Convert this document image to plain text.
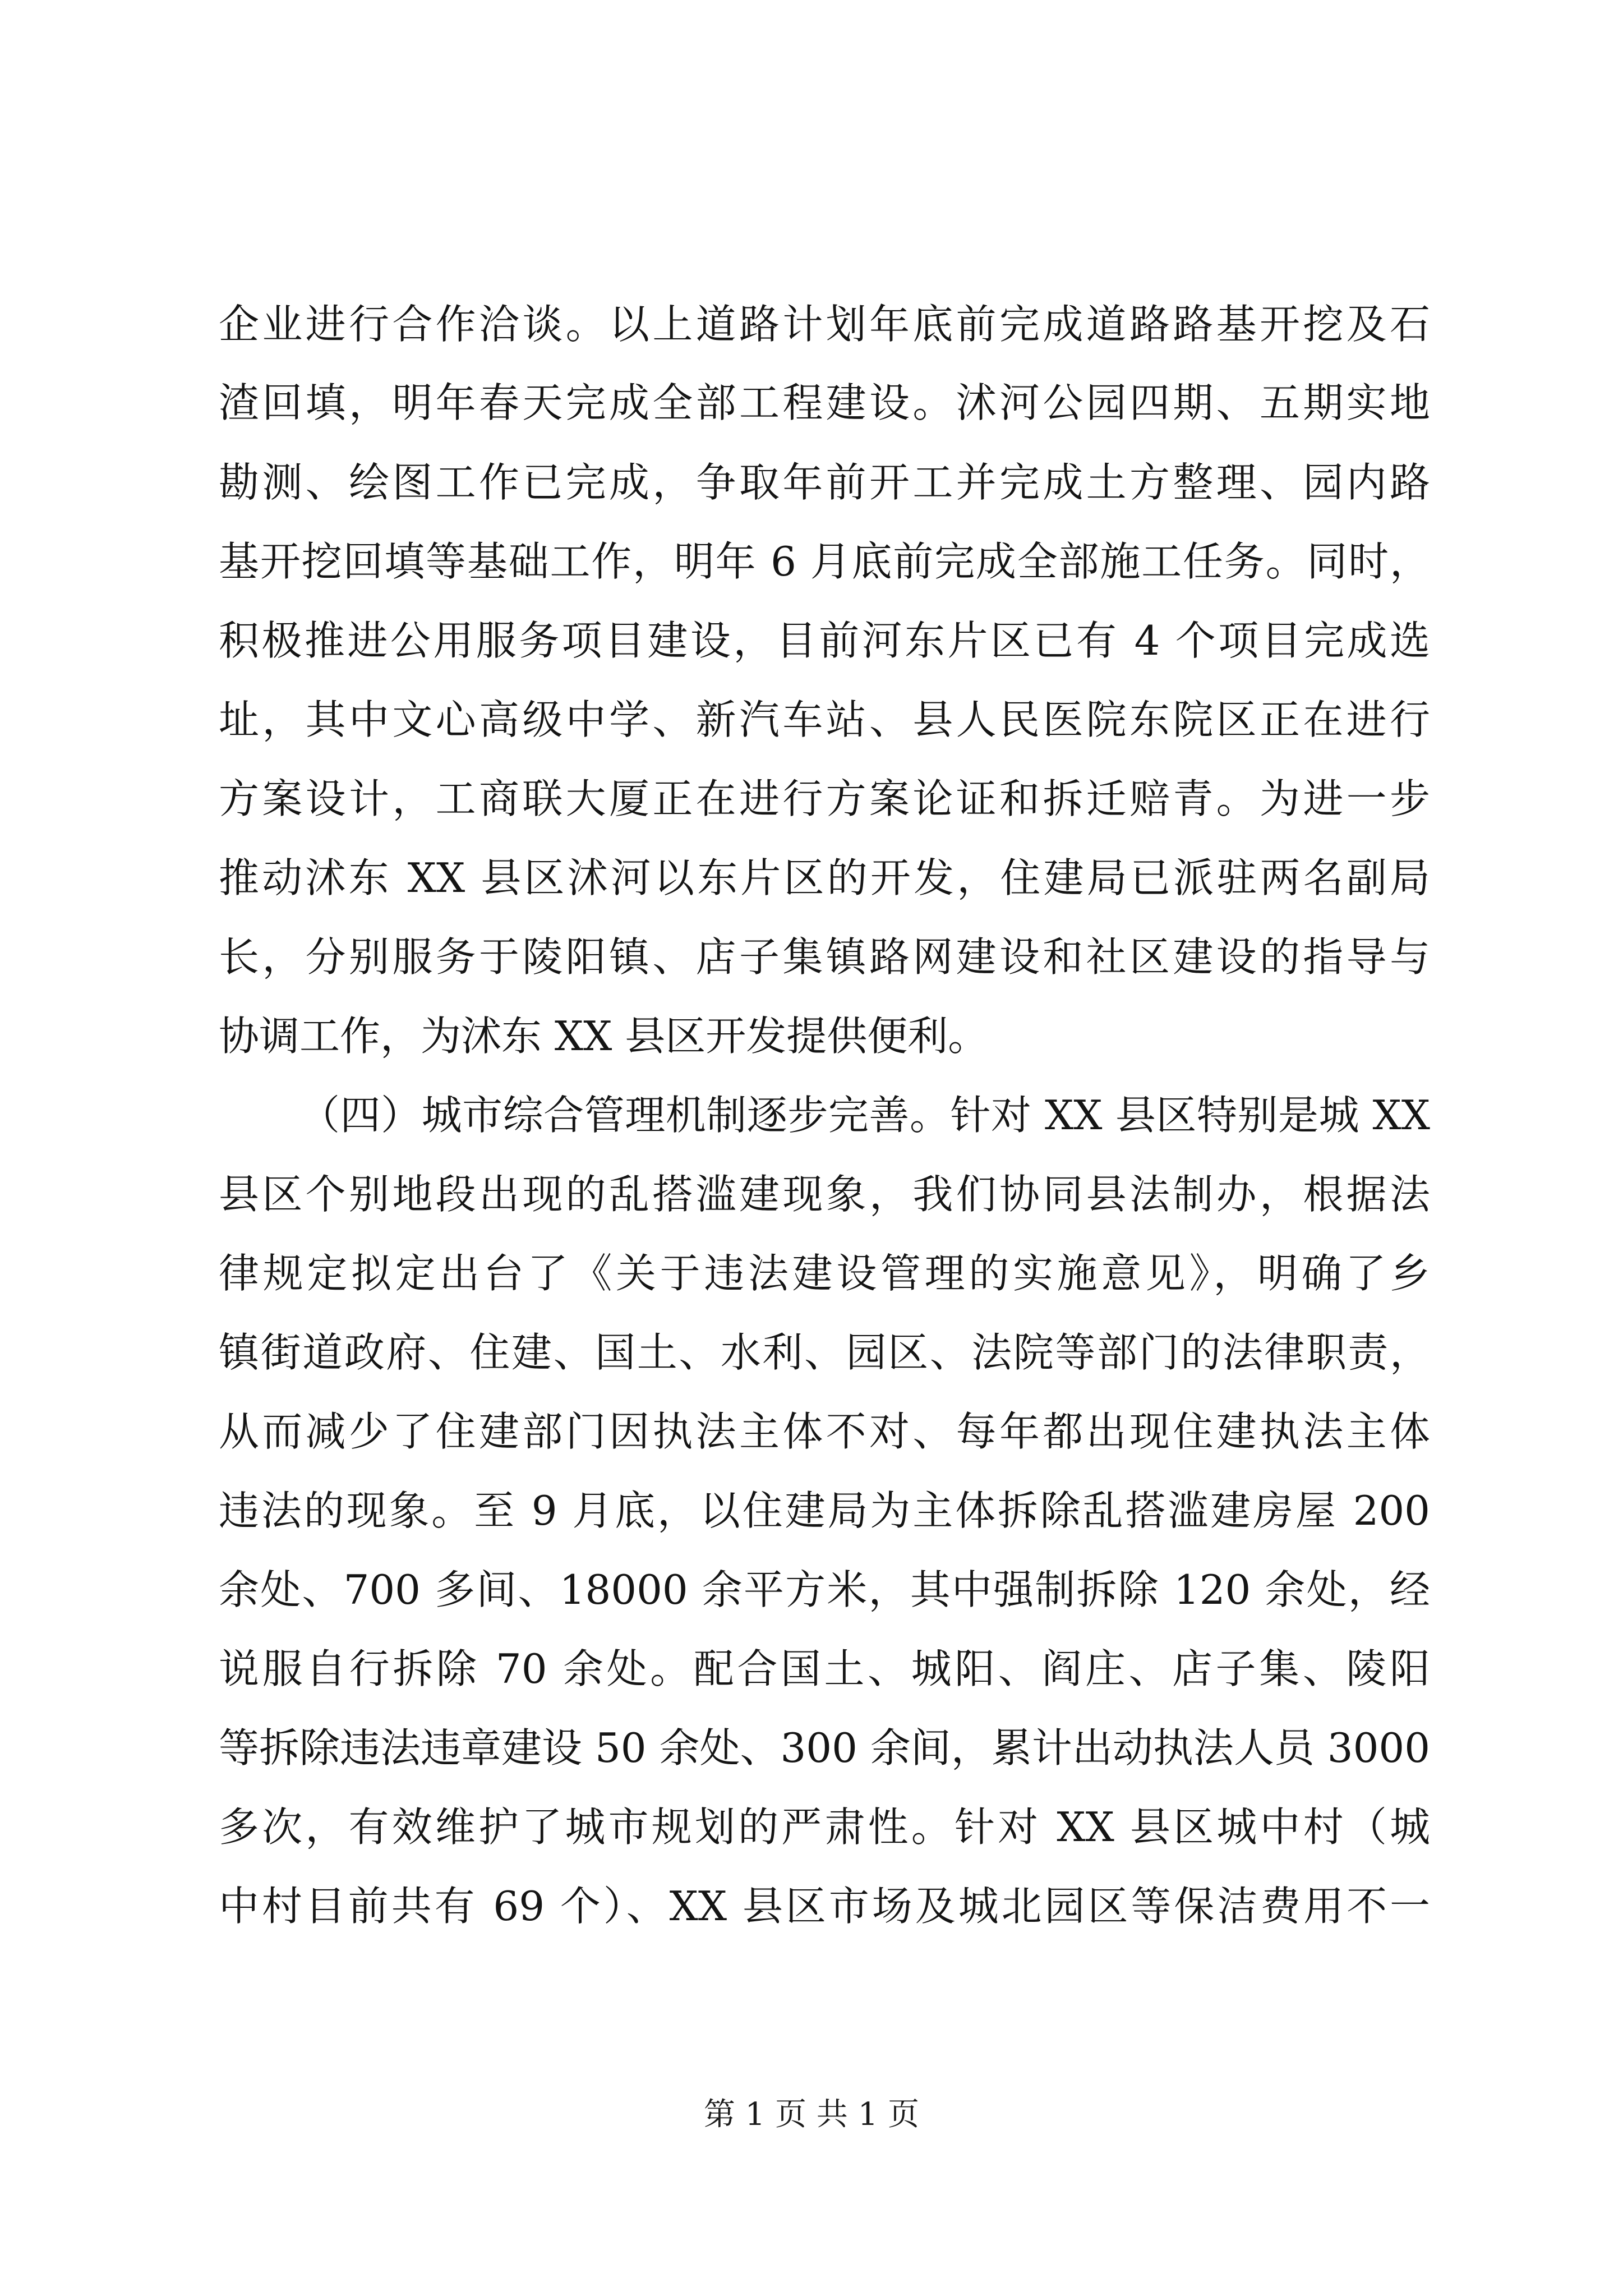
企业进行合作洽谈。以上道路计划年底前完成道路路基开挖及石
渣回填，明年春天完成全部工程建设。沭河公园四期、五期实地
勘测、绘图工作已完成，争取年前开工并完成土方整理、园内路
基开挖回填等基础工作，明年 6 月底前完成全部施工任务。同时，
积极推进公用服务项目建设，目前河东片区已有 4 个项目完成选
址，其中文心高级中学、新汽车站、县人民医院东院区正在进行
方案设计，工商联大厦正在进行方案论证和拆迁赔青。为进一步
推动沭东 XX 县区沭河以东片区的开发，住建局已派驻两名副局
长，分别服务于陵阳镇、店子集镇路网建设和社区建设的指导与
协调工作，为沭东 XX 县区开发提供便利。
（四）城市综合管理机制逐步完善。针对 XX 县区特别是城 XX
县区个别地段出现的乱搭滥建现象，我们协同县法制办，根据法
律规定拟定出台了《关于违法建设管理的实施意见》，明确了乡
镇街道政府、住建、国土、水利、园区、法院等部门的法律职责，
从而减少了住建部门因执法主体不对、每年都出现住建执法主体
违法的现象。至 9 月底，以住建局为主体拆除乱搭滥建房屋 200
余处、700 多间、18000 余平方米，其中强制拆除 120 余处，经
说服自行拆除 70 余处。配合国土、城阳、阎庄、店子集、陵阳
等拆除违法违章建设 50 余处、300 余间，累计出动执法人员 3000
多次，有效维护了城市规划的严肃性。针对 XX 县区城中村（城
中村目前共有 69 个）、XX 县区市场及城北园区等保洁费用不一
第 1 页 共 1 页
